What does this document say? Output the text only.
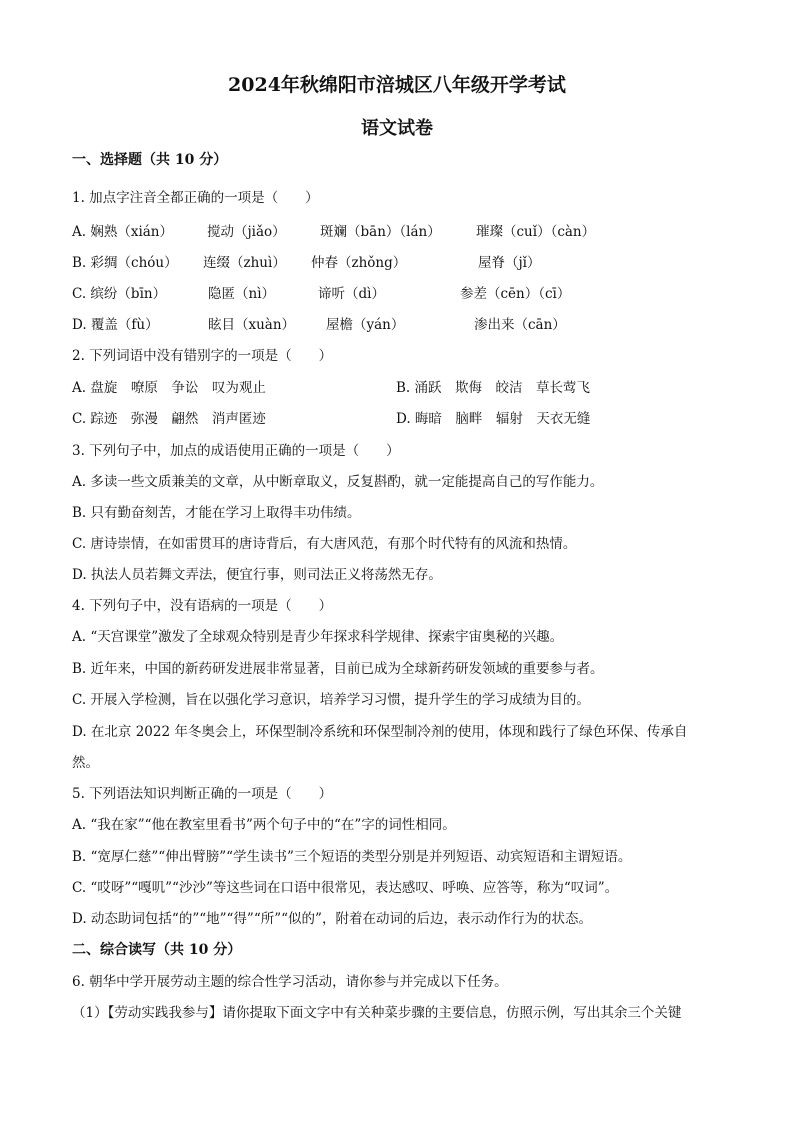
2024年秋绵阳市涪城区八年级开学考试
语文试卷
一、选择题（共 10 分）
1. 加点字注音全都正确的一项是（　　）
A. 娴熟（xián）	搅动（jiǎo）	斑斓（bān）（lán）	璀璨（cuǐ）（càn）
B. 彩绸（chóu） 连缀（zhuì） 仲春（zhǒng）	屋脊（jǐ）
C. 缤纷（bīn）	隐匿（nì）	谛听（dì）	参差（cēn）（cī）
D. 覆盖（fù）	眩目（xuàn） 屋檐（yán）	渗出来（cān）
2. 下列词语中没有错别字的一项是（　　）
A. 盘旋　嘹原　争讼　叹为观止	B. 涌跃　欺侮　皎洁　草长莺飞
C. 踪迹　弥漫　翩然　消声匿迹	D. 晦暗　脑畔　辐射　天衣无缝
3. 下列句子中，加点的成语使用正确的一项是（　　）
A. 多读一些文质兼美的文章，从中断章取义，反复斟酌，就一定能提高自己的写作能力。
B. 只有勤奋刻苦，才能在学习上取得丰功伟绩。
C. 唐诗崇情，在如雷贯耳的唐诗背后，有大唐风范，有那个时代特有的风流和热情。
D. 执法人员若舞文弄法，便宜行事，则司法正义将荡然无存。
4. 下列句子中，没有语病的一项是（　　）
A. “天宫课堂”激发了全球观众特别是青少年探求科学规律、探索宇宙奥秘的兴趣。
B. 近年来，中国的新药研发进展非常显著，目前已成为全球新药研发领域的重要参与者。
C. 开展入学检测，旨在以强化学习意识，培养学习习惯，提升学生的学习成绩为目的。
D. 在北京 2022 年冬奥会上，环保型制冷系统和环保型制冷剂的使用，体现和践行了绿色环保、传承自
然。
5. 下列语法知识判断正确的一项是（　　）
A. “我在家”“他在教室里看书”两个句子中的“在”字的词性相同。
B. “宽厚仁慈”“伸出臂膀”“学生读书”三个短语的类型分别是并列短语、动宾短语和主谓短语。
C. “哎呀”“嘎叽”“沙沙”等这些词在口语中很常见，表达感叹、呼唤、应答等，称为“叹词”。
D. 动态助词包括“的”“地”“得”“所”“似的”，附着在动词的后边，表示动作行为的状态。
二、综合读写（共 10 分）
6. 朝华中学开展劳动主题的综合性学习活动，请你参与并完成以下任务。
（1）【劳动实践我参与】请你提取下面文字中有关种菜步骤的主要信息，仿照示例，写出其余三个关键
